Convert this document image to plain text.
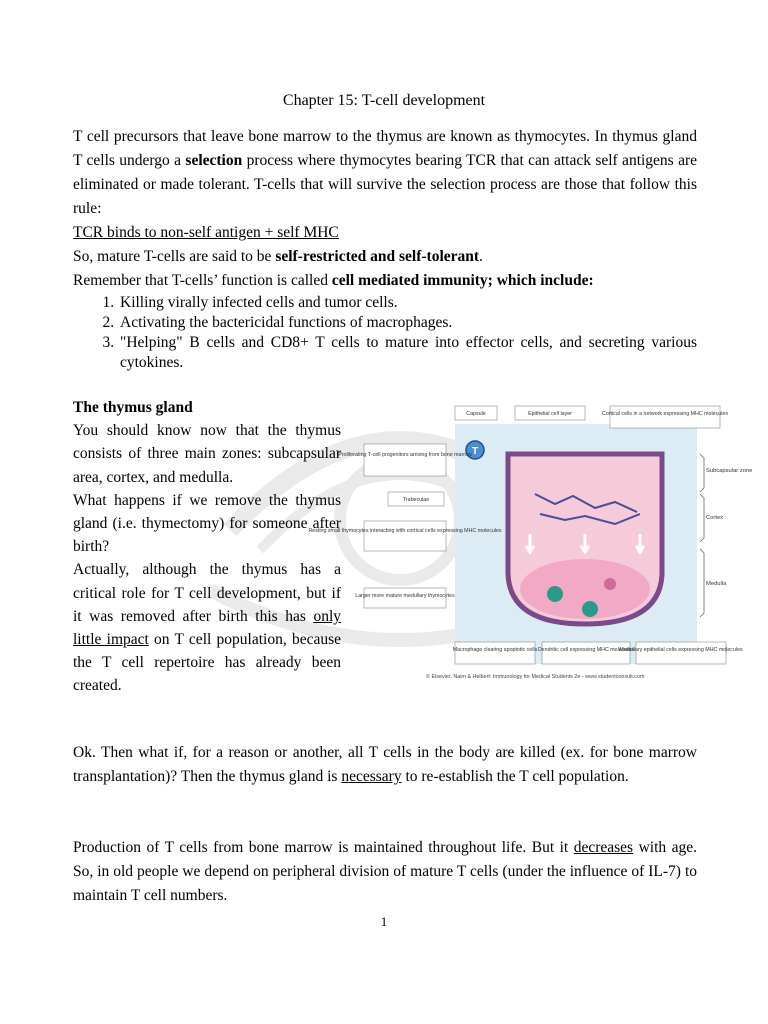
Chapter 15: T-cell development

T cell precursors that leave bone marrow to the thymus are known as thymocytes. In thymus gland T cells undergo a selection process where thymocytes bearing TCR that can attack self antigens are eliminated or made tolerant. T-cells that will survive the selection process are those that follow this rule:

TCR binds to non-self antigen + self MHC

So, mature T-cells are said to be self-restricted and self-tolerant.

Remember that T-cells’ function is called cell mediated immunity; which include:

1. Killing virally infected cells and tumor cells.
2. Activating the bactericidal functions of macrophages.
3. "Helping" B cells and CD8+ T cells to mature into effector cells, and secreting various cytokines.

The thymus gland

You should know now that the thymus consists of three main zones: subcapsular area, cortex, and medulla.

What happens if we remove the thymus gland (i.e. thymectomy) for someone after birth?

Actually, although the thymus has a critical role for T cell development, but if it was removed after birth this has only little impact on T cell population, because the T cell repertoire has already been created.

T
Capsule	Epithelial cell layer	Cortical cells in a network expressing MHC molecules
Proliferating T-cell progenitors arriving from bone marrow
Trabeculae
Resting small thymocytes interacting with cortical cells expressing MHC molecules
Larger more mature medullary thymocytes
Macrophage clearing apoptotic cells Dendritic cell expressing MHC molecules
Medullary epithelial cells expressing MHC molecules
Subcapsular zone
Cortex
Medulla
© Elsevier. Naim & Helbert: Immunology for Medical Students 2e - www.studentconsult.com

Ok. Then what if, for a reason or another, all T cells in the body are killed (ex. for bone marrow transplantation)? Then the thymus gland is necessary to re-establish the T cell population.

Production of T cells from bone marrow is maintained throughout life. But it decreases with age. So, in old people we depend on peripheral division of mature T cells (under the influence of IL-7) to maintain T cell numbers.

1
